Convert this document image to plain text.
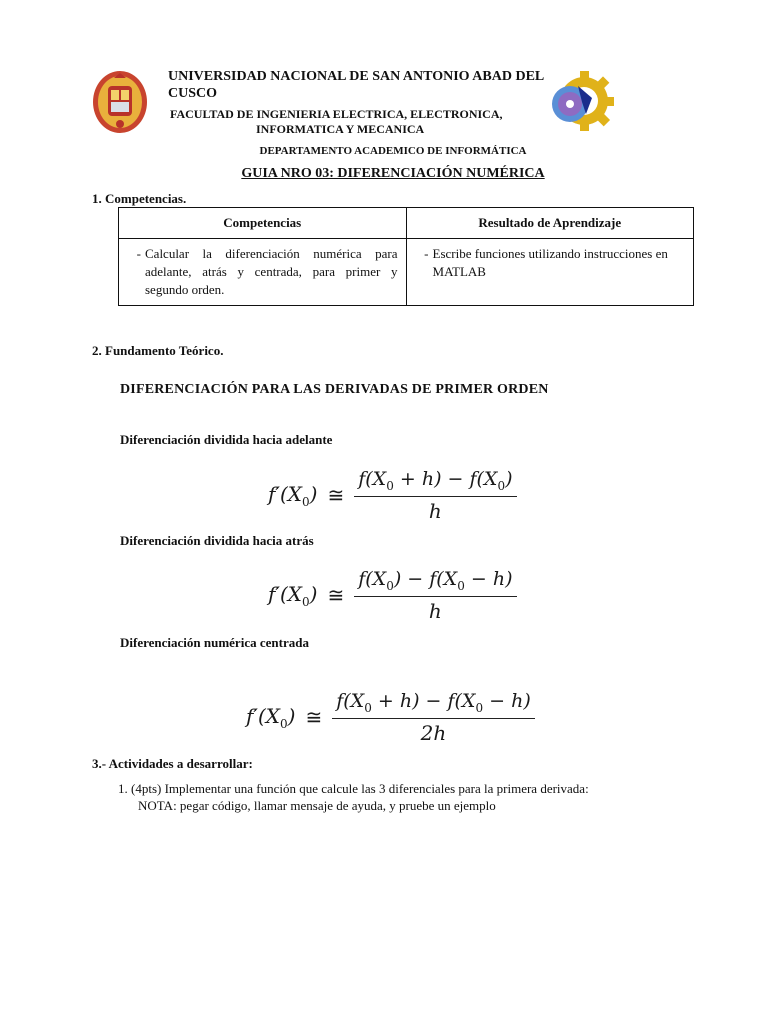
UNIVERSIDAD NACIONAL DE SAN ANTONIO ABAD DEL CUSCO
FACULTAD DE INGENIERIA ELECTRICA, ELECTRONICA,
INFORMATICA Y MECANICA
DEPARTAMENTO ACADEMICO DE INFORMÁTICA
GUIA NRO 03: DIFERENCIACIÓN NUMÉRICA
1. Competencias.
Competencias	Resultado de Aprendizaje

- Calcular la diferenciación numérica para adelante, atrás y centrada, para primer y segundo orden.	- Escribe funciones utilizando instrucciones en MATLAB
2. Fundamento Teórico.
DIFERENCIACIÓN PARA LAS DERIVADAS DE PRIMER ORDEN
Diferenciación dividida hacia adelante
$f'(X_0)$ ≅ $\frac{f(X_0 + h) - f(X_0)}{h}$
Diferenciación dividida hacia atrás
$f'(X_0)$ ≅ $\frac{f(X_0) - f(X_0 - h)}{h}$
Diferenciación numérica centrada
$f'(X_0)$ ≅ $\frac{f(X_0 + h) - f(X_0 - h)}{2h}$
3.- Actividades a desarrollar:
1. (4pts) Implementar una función que calcule las 3 diferenciales para la primera derivada:
NOTA: pegar código, llamar mensaje de ayuda, y pruebe un ejemplo
